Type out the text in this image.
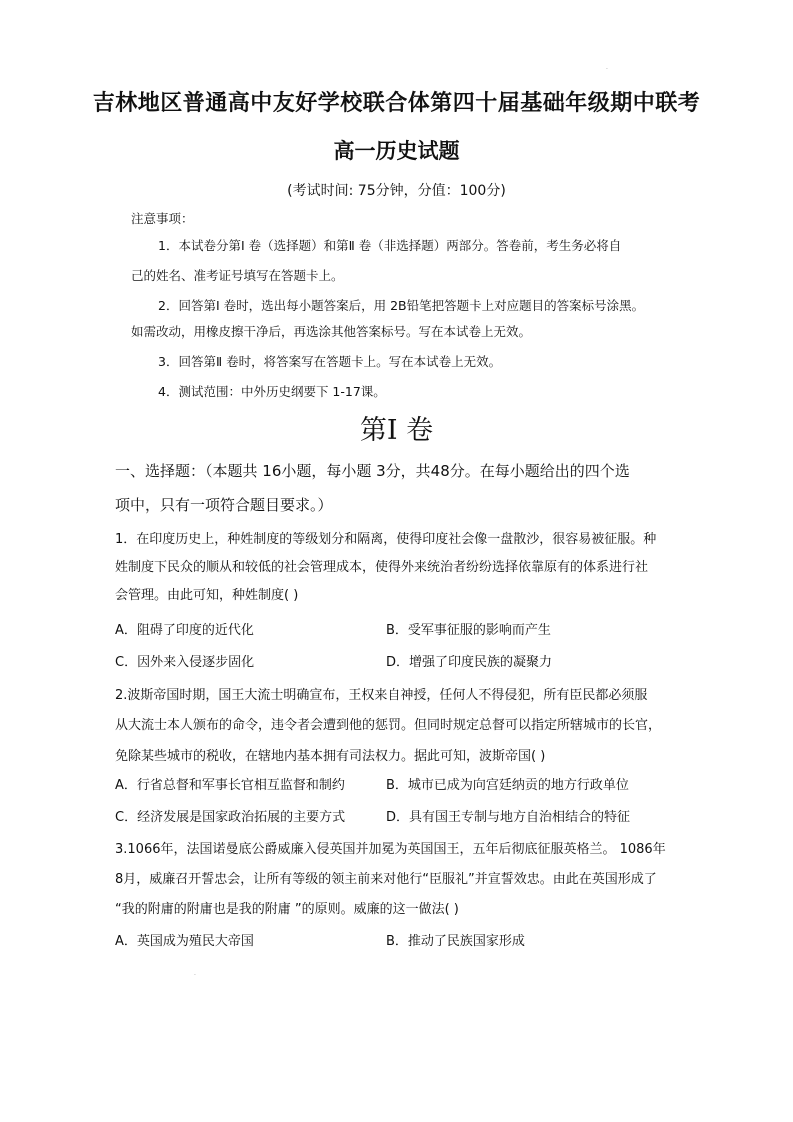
·
吉林地区普通高中友好学校联合体第四十届基础年级期中联考
高一历史试题
(考试时间: 75分钟，分值：100分)
注意事项：
1．本试卷分第Ⅰ 卷（选择题）和第Ⅱ 卷（非选择题）两部分。答卷前，考生务必将自
己的姓名、准考证号填写在答题卡上。
2．回答第Ⅰ 卷时，选出每小题答案后，用 2B铅笔把答题卡上对应题目的答案标号涂黑。
如需改动，用橡皮擦干净后，再选涂其他答案标号。写在本试卷上无效。
3．回答第Ⅱ 卷时，将答案写在答题卡上。写在本试卷上无效。
4．测试范围：中外历史纲要下 1-17课。
第I 卷
一、选择题：（本题共 16小题，每小题 3分，共48分。在每小题给出的四个选
项中，只有一项符合题目要求。）
1．在印度历史上，种姓制度的等级划分和隔离，使得印度社会像一盘散沙，很容易被征服。种
姓制度下民众的顺从和较低的社会管理成本，使得外来统治者纷纷选择依靠原有的体系进行社
会管理。由此可知，种姓制度( )
A．阻碍了印度的近代化	B．受军事征服的影响而产生
C．因外来入侵逐步固化	D．增强了印度民族的凝聚力
2.波斯帝国时期，国王大流士明确宣布，王权来自神授，任何人不得侵犯，所有臣民都必须服
从大流士本人颁布的命令，违令者会遭到他的惩罚。但同时规定总督可以指定所辖城市的长官，
免除某些城市的税收，在辖地内基本拥有司法权力。据此可知，波斯帝国( )
A．行省总督和军事长官相互监督和制约	B．城市已成为向宫廷纳贡的地方行政单位
C．经济发展是国家政治拓展的主要方式	D．具有国王专制与地方自治相结合的特征
3.1066年，法国诺曼底公爵威廉入侵英国并加冕为英国国王，五年后彻底征服英格兰。 1086年
8月，威廉召开誓忠会，让所有等级的领主前来对他行“臣服礼”并宣誓效忠。由此在英国形成了
“我的附庸的附庸也是我的附庸 ”的原则。威廉的这一做法( )
A．英国成为殖民大帝国	B．推动了民族国家形成
·
